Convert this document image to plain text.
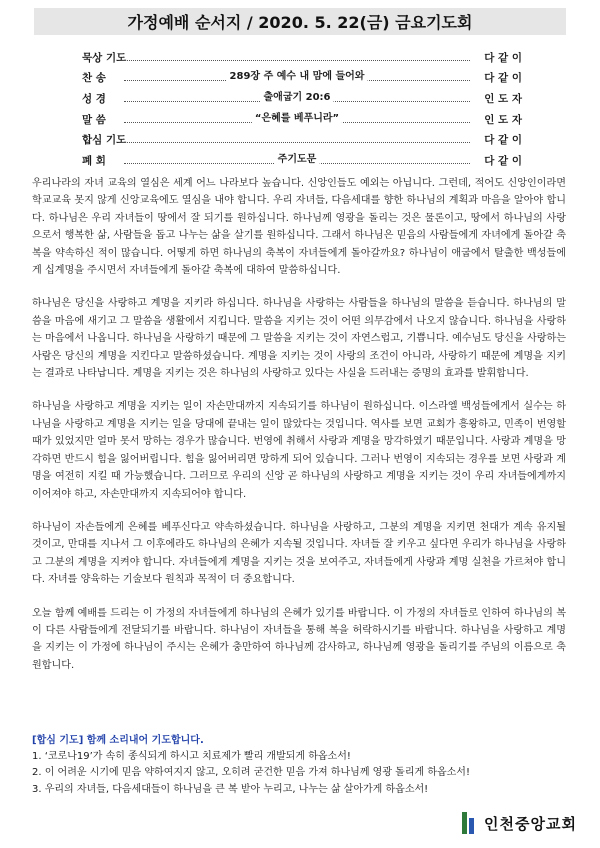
가정예배 순서지 / 2020. 5. 22(금) 금요기도회
묵상 기도	다 같 이
찬 송	289장 주 예수 내 맘에 들어와	다 같 이
성 경	출애굽기 20:6	인 도 자
말 씀	“은혜를 베푸니라”	인 도 자
합심 기도	다 같 이
폐 회	주기도문	다 같 이

우리나라의 자녀 교육의 열심은 세계 어느 나라보다 높습니다. 신앙인들도 예외는 아닙니다. 그런데, 적어도 신앙인이라면 학교교육 못지 않게 신앙교육에도 열심을 내야 합니다. 우리 자녀들, 다음세대를 향한 하나님의 계획과 마음을 알아야 합니다. 하나님은 우리 자녀들이 땅에서 잘 되기를 원하십니다. 하나님께 영광을 돌리는 것은 물론이고, 땅에서 하나님의 사랑으로서 행복한 삶, 사람들을 돕고 나누는 삶을 살기를 원하십니다. 그래서 하나님은 믿음의 사람들에게 자녀에게 돌아갈 축복을 약속하신 적이 많습니다. 어떻게 하면 하나님의 축복이 자녀들에게 돌아갈까요? 하나님이 애굽에서 탈출한 백성들에게 십계명을 주시면서 자녀들에게 돌아갈 축복에 대하여 말씀하십니다.

하나님은 당신을 사랑하고 계명을 지키라 하십니다. 하나님을 사랑하는 사람들을 하나님의 말씀을 듣습니다. 하나님의 말씀을 마음에 새기고 그 말씀을 생활에서 지킵니다. 말씀을 지키는 것이 어떤 의무감에서 나오지 않습니다. 하나님을 사랑하는 마음에서 나옵니다. 하나님을 사랑하기 때문에 그 말씀을 지키는 것이 자연스럽고, 기쁩니다. 예수님도 당신을 사랑하는 사람은 당신의 계명을 지킨다고 말씀하셨습니다. 계명을 지키는 것이 사랑의 조건이 아니라, 사랑하기 때문에 계명을 지키는 결과로 나타납니다. 계명을 지키는 것은 하나님의 사랑하고 있다는 사실을 드러내는 증명의 효과를 발휘합니다.

하나님을 사랑하고 계명을 지키는 일이 자손만대까지 지속되기를 하나님이 원하십니다. 이스라엘 백성들에게서 실수는 하나님을 사랑하고 계명을 지키는 일을 당대에 끝내는 일이 많았다는 것입니다. 역사를 보면 교회가 흥왕하고, 민족이 번영할 때가 있었지만 얼마 못서 망하는 경우가 많습니다. 번영에 취해서 사랑과 계명을 망각하였기 때문입니다. 사랑과 계명을 망각하면 반드시 힘을 잃어버립니다. 힘을 잃어버리면 망하게 되어 있습니다. 그러나 번영이 지속되는 경우를 보면 사랑과 계명을 여전히 지킬 때 가능했습니다. 그러므로 우리의 신앙 곧 하나님의 사랑하고 계명을 지키는 것이 우리 자녀들에게까지 이어져야 하고, 자손만대까지 지속되어야 합니다.

하나님이 자손들에게 은혜를 베푸신다고 약속하셨습니다. 하나님을 사랑하고, 그분의 계명을 지키면 천대가 계속 유지될 것이고, 만대를 지나서 그 이후에라도 하나님의 은혜가 지속될 것입니다. 자녀들 잘 키우고 싶다면 우리가 하나님을 사랑하고 그분의 계명을 지켜야 합니다. 자녀들에게 계명을 지키는 것을 보여주고, 자녀들에게 사랑과 계명 실천을 가르쳐야 합니다. 자녀를 양육하는 기술보다 원칙과 목적이 더 중요합니다.

오늘 함께 예배를 드리는 이 가정의 자녀들에게 하나님의 은혜가 있기를 바랍니다. 이 가정의 자녀들로 인하여 하나님의 복이 다른 사람들에게 전달되기를 바랍니다. 하나님이 자녀들을 통해 복을 허락하시기를 바랍니다. 하나님을 사랑하고 계명을 지키는 이 가정에 하나님이 주시는 은혜가 충만하여 하나님께 감사하고, 하나님께 영광을 돌리기를 주님의 이름으로 축원합니다.

[합심 기도] 함께 소리내어 기도합니다.
1. ‘코로나19’가 속히 종식되게 하시고 치료제가 빨리 개발되게 하옵소서!
2. 이 어려운 시기에 믿음 약하여지지 않고, 오히려 굳건한 믿음 가져 하나님께 영광 돌리게 하옵소서!
3. 우리의 자녀들, 다음세대들이 하나님을 큰 복 받아 누리고, 나누는 삶 살아가게 하옵소서!
인천중앙교회
